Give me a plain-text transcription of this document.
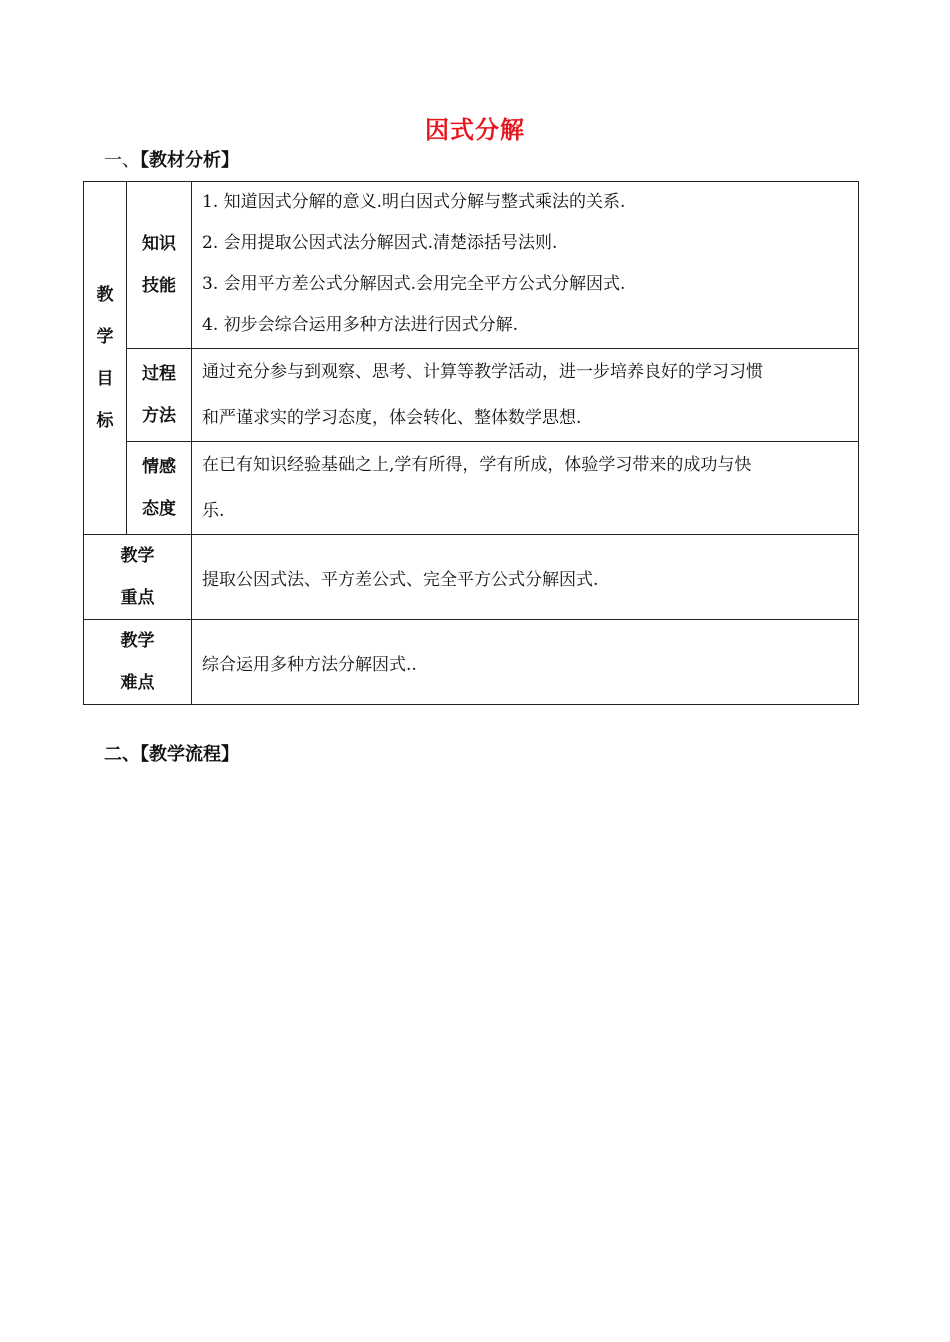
因式分解
一、【教材分析】
教
学
目
标	知识
技能	1. 知道因式分解的意义.明白因式分解与整式乘法的关系.
2. 会用提取公因式法分解因式.清楚添括号法则.
3. 会用平方差公式分解因式.会用完全平方公式分解因式.
4. 初步会综合运用多种方法进行因式分解.

	过程
方法	通过充分参与到观察、思考、计算等教学活动，进一步培养良好的学习习惯
和严谨求实的学习态度，体会转化、整体数学思想.

	情感
态度	在已有知识经验基础之上,学有所得，学有所成，体验学习带来的成功与快
乐.

教学
重点		提取公因式法、平方差公式、完全平方公式分解因式.

教学
难点		综合运用多种方法分解因式..
二、【教学流程】
